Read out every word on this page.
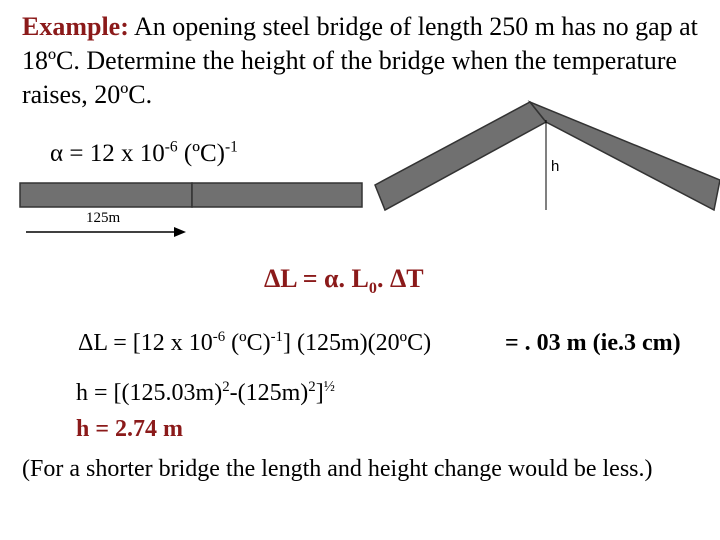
Example: An opening steel bridge of length 250 m has no gap at 18ºC. Determine the height of the bridge when the temperature raises, 20ºC.

α = 12 x $10^{-6}$ (ºC)$^{-1}$
h
125m
ΔL = α. $L_0$. ΔT
ΔL = [12 x $10^{-6}$ (ºC)$^{-1}$] (125m)(20ºC)	= . 03 m (ie.3 cm)
$h = [(125.03m)^2-(125m)^2]^{\frac{1}{2}}$
h = 2.74 m

(For a shorter bridge the length and height change would be less.)
